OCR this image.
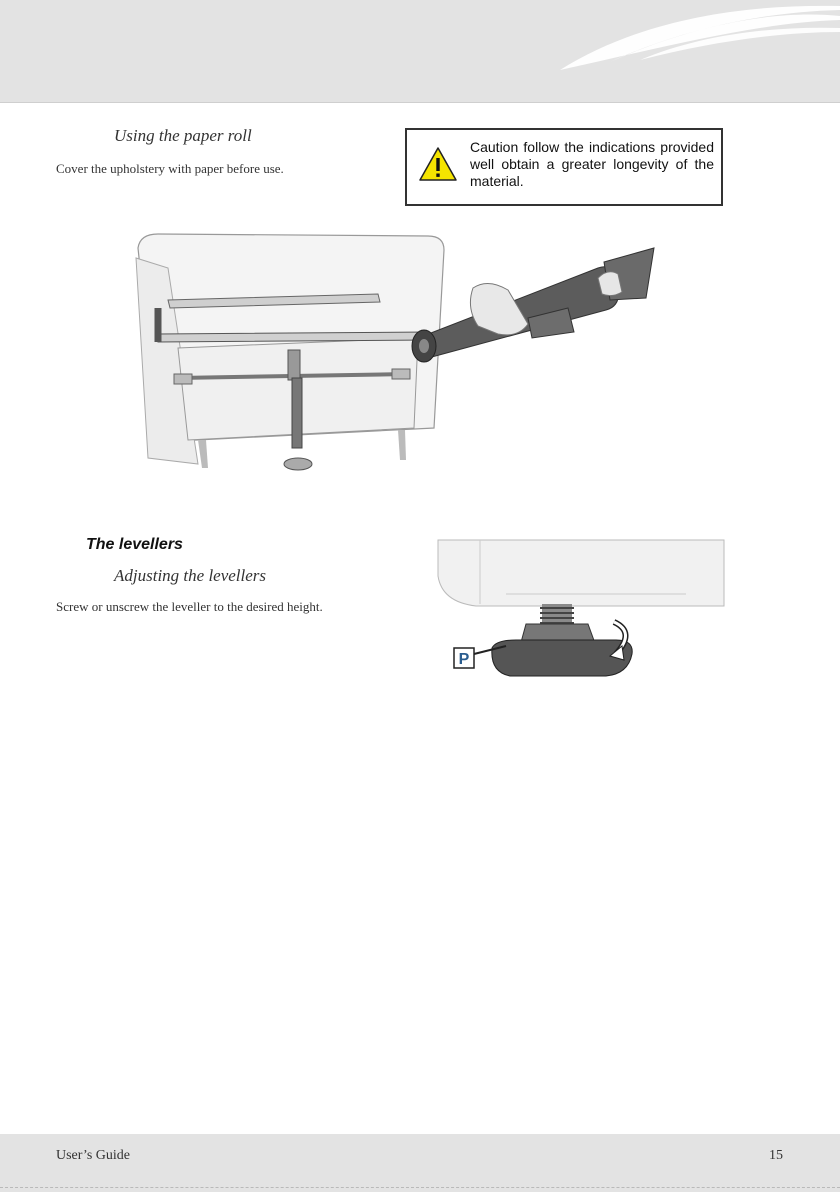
Using the paper roll
Cover the upholstery with paper before use.
Caution follow the indications provided well obtain a greater longevity of the material.
The levellers
Adjusting the levellers
Screw or unscrew the leveller to the desired height.
P
User’s Guide	15
